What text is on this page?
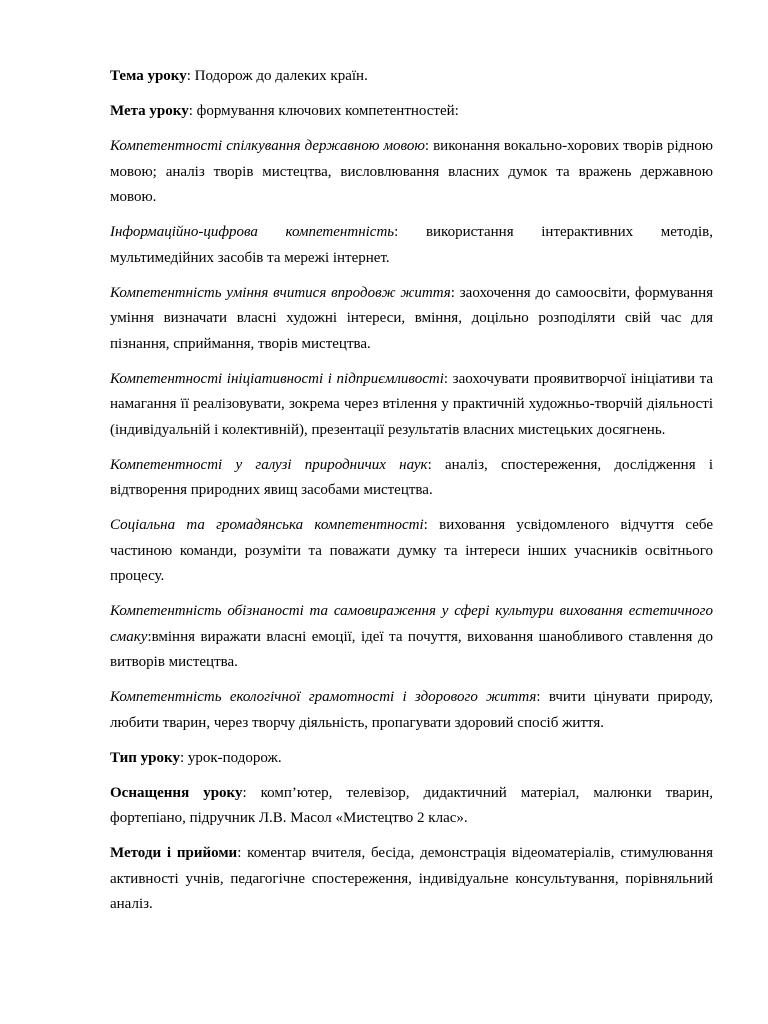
Тема уроку: Подорож до далеких країн.

Мета уроку: формування ключових компетентностей:

Компетентності спілкування державною мовою: виконання вокально-хорових творів рідною мовою; аналіз творів мистецтва, висловлювання власних думок та вражень державною мовою.

Інформаційно-цифрова компетентність: використання інтерактивних методів, мультимедійних засобів та мережі інтернет.

Компетентність уміння вчитися впродовж життя: заохочення до самоосвіти, формування уміння визначати власні художні інтереси, вміння, доцільно розподіляти свій час для пізнання, сприймання, творів мистецтва.

Компетентності ініціативності і підприємливості: заохочувати проявитворчої ініціативи та намагання її реалізовувати, зокрема через втілення у практичній художньо-творчій діяльності (індивідуальній і колективній), презентації результатів власних мистецьких досягнень.

Компетентності у галузі природничих наук: аналіз, спостереження, дослідження і відтворення природних явищ засобами мистецтва.

Соціальна та громадянська компетентності: виховання усвідомленого відчуття себе частиною команди, розуміти та поважати думку та інтереси інших учасників освітнього процесу.

Компетентність обізнаності та самовираження у сфері культури виховання естетичного смаку:вміння виражати власні емоції, ідеї та почуття, виховання шанобливого ставлення до витворів мистецтва.

Компетентність екологічної грамотності і здорового життя: вчити цінувати природу, любити тварин, через творчу діяльність, пропагувати здоровий спосіб життя.

Тип уроку: урок-подорож.

Оснащення уроку: комп’ютер, телевізор, дидактичний матеріал, малюнки тварин, фортепіано, підручник Л.В. Масол «Мистецтво 2 клас».

Методи і прийоми: коментар вчителя, бесіда, демонстрація відеоматеріалів, стимулювання активності учнів, педагогічне спостереження, індивідуальне консультування, порівняльний аналіз.
